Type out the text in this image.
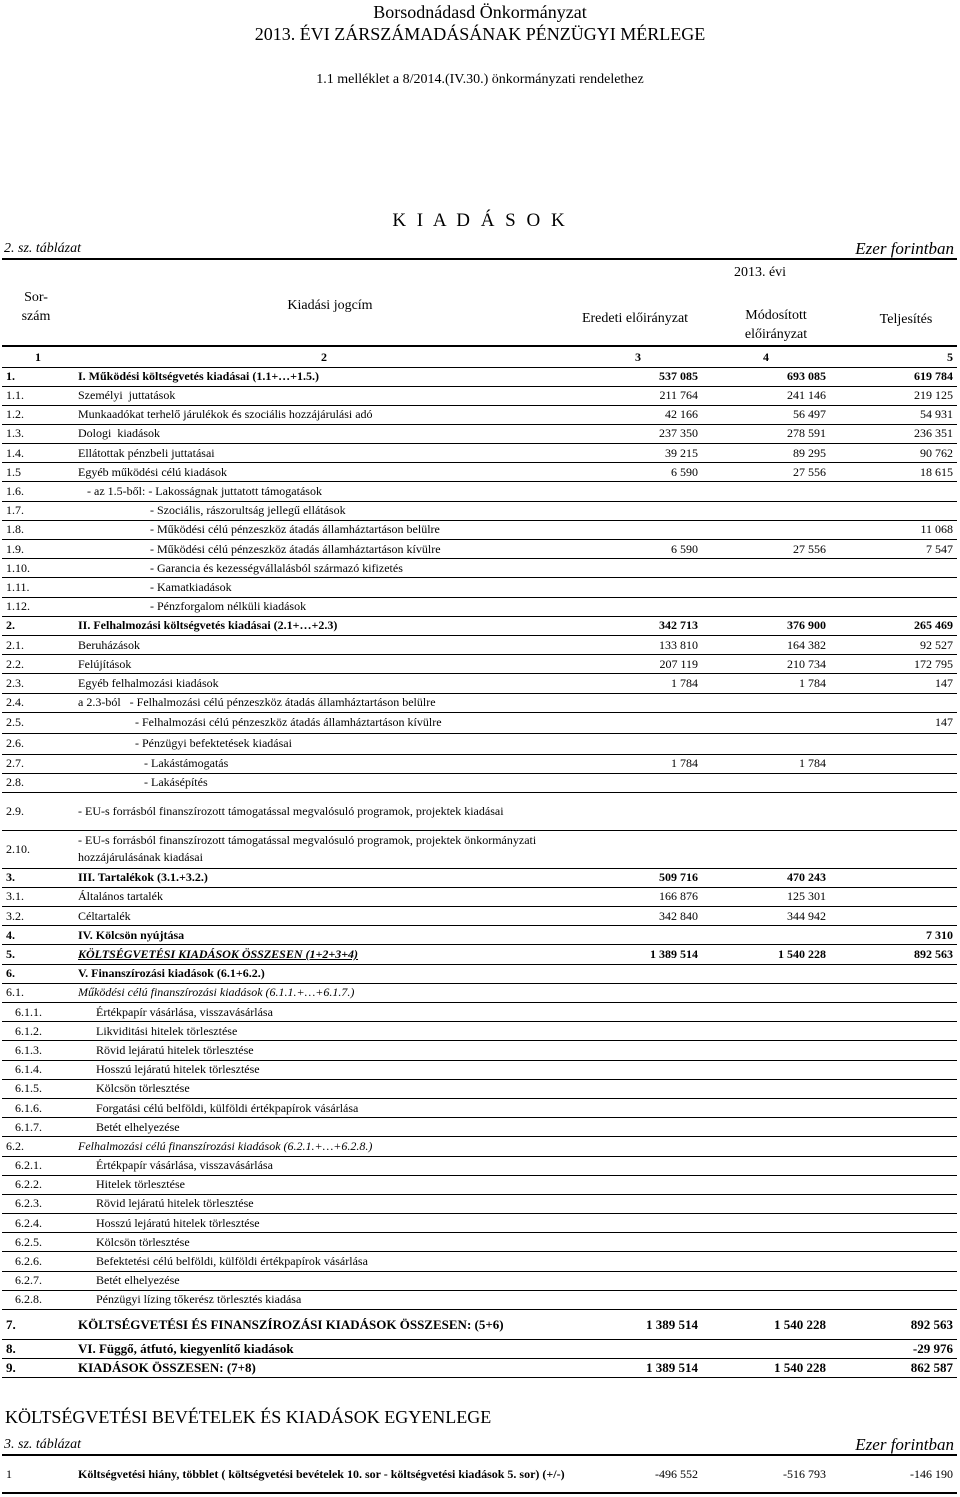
Borsodnádasd Önkormányzat
2013. ÉVI ZÁRSZÁMADÁSÁNAK PÉNZÜGYI MÉRLEGE
1.1 melléklet a 8/2014.(IV.30.) önkormányzati rendelethez
K I A D Á S O K
2. sz. táblázat	Ezer forintban
Sor-
szám
Kiadási jogcím
2013. évi
Eredeti előirányzat	Módosított előirányzat
Teljesítés
1	2	3	4	5
1.	I. Működési költségvetés kiadásai (1.1+…+1.5.)	537 085	693 085	619 784
1.1.	Személyi  juttatások	211 764	241 146	219 125
1.2.	Munkaadókat terhelő járulékok és szociális hozzájárulási adó	42 166	56 497	54 931
1.3.	Dologi  kiadások	237 350	278 591	236 351
1.4.	Ellátottak pénzbeli juttatásai	39 215	89 295	90 762
1.5	Egyéb működési célú kiadások	6 590	27 556	18 615
1.6.	- az 1.5-ből: - Lakosságnak juttatott támogatások			
1.7.	- Szociális, rászorultság jellegű ellátások			
1.8.	- Működési célú pénzeszköz átadás államháztartáson belülre			11 068
1.9.	- Működési célú pénzeszköz átadás államháztartáson kívülre	6 590	27 556	7 547
1.10.	- Garancia és kezességvállalásból származó kifizetés			
1.11.	- Kamatkiadások			
1.12.	- Pénzforgalom nélküli kiadások			
2.	II. Felhalmozási költségvetés kiadásai (2.1+…+2.3)	342 713	376 900	265 469
2.1.	Beruházások	133 810	164 382	92 527
2.2.	Felújítások	207 119	210 734	172 795
2.3.	Egyéb felhalmozási kiadások	1 784	1 784	147
2.4.	a 2.3-ból   - Felhalmozási célú pénzeszköz átadás államháztartáson belülre			
2.5.	- Felhalmozási célú pénzeszköz átadás államháztartáson kívülre			147
2.6.	- Pénzügyi befektetések kiadásai			
2.7.	- Lakástámogatás	1 784	1 784	
2.8.	- Lakásépítés			
2.9.	- EU-s forrásból finanszírozott támogatással megvalósuló programok, projektek kiadásai			
2.10.	- EU-s forrásból finanszírozott támogatással megvalósuló programok, projektek önkormányzati hozzájárulásának kiadásai			
3.	III. Tartalékok (3.1.+3.2.)	509 716	470 243	
3.1.	Általános tartalék	166 876	125 301	
3.2.	Céltartalék	342 840	344 942	
4.	IV. Kölcsön nyújtása			7 310
5.	KÖLTSÉGVETÉSI KIADÁSOK ÖSSZESEN (1+2+3+4)	1 389 514	1 540 228	892 563
6.	V. Finanszírozási kiadások (6.1+6.2.)			
6.1.	Működési célú finanszírozási kiadások (6.1.1.+…+6.1.7.)			
6.1.1.	Értékpapír vásárlása, visszavásárlása			
6.1.2.	Likviditási hitelek törlesztése			
6.1.3.	Rövid lejáratú hitelek törlesztése			
6.1.4.	Hosszú lejáratú hitelek törlesztése			
6.1.5.	Kölcsön törlesztése			
6.1.6.	Forgatási célú belföldi, külföldi értékpapírok vásárlása			
6.1.7.	Betét elhelyezése			
6.2.	Felhalmozási célú finanszírozási kiadások (6.2.1.+…+6.2.8.)			
6.2.1.	Értékpapír vásárlása, visszavásárlása			
6.2.2.	Hitelek törlesztése			
6.2.3.	Rövid lejáratú hitelek törlesztése			
6.2.4.	Hosszú lejáratú hitelek törlesztése			
6.2.5.	Kölcsön törlesztése			
6.2.6.	Befektetési célú belföldi, külföldi értékpapírok vásárlása			
6.2.7.	Betét elhelyezése			
6.2.8.	Pénzügyi lízing tőkerész törlesztés kiadása			
7.	KÖLTSÉGVETÉSI ÉS FINANSZÍROZÁSI KIADÁSOK ÖSSZESEN: (5+6)	1 389 514	1 540 228	892 563
8.	VI. Függő, átfutó, kiegyenlítő kiadások			-29 976
9.	KIADÁSOK ÖSSZESEN: (7+8)	1 389 514	1 540 228	862 587
KÖLTSÉGVETÉSI BEVÉTELEK ÉS KIADÁSOK EGYENLEGE
3. sz. táblázat	Ezer forintban
1	Költségvetési hiány, többlet ( költségvetési bevételek 10. sor - költségvetési kiadások 5. sor) (+/-)	-496 552	-516 793	-146 190
